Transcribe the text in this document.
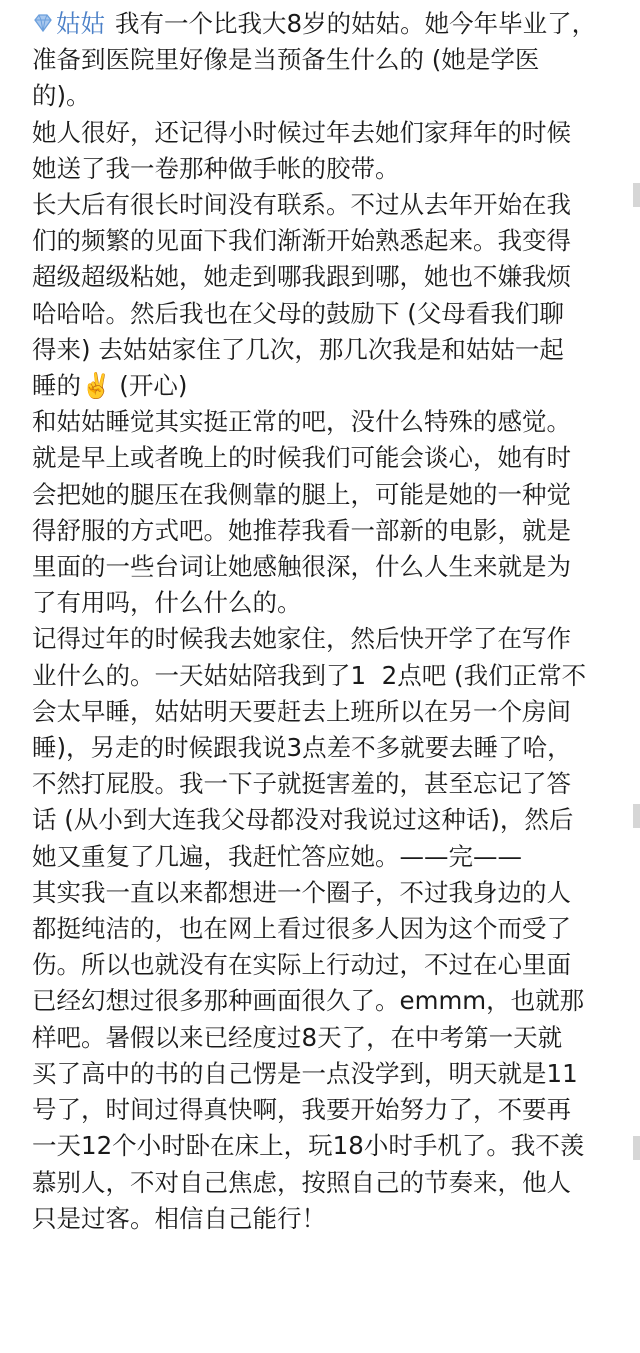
姑姑 我有一个比我大8岁的姑姑。她今年毕业了，
准备到医院里好像是当预备生什么的 (她是学医
的)。
她人很好，还记得小时候过年去她们家拜年的时候
她送了我一卷那种做手帐的胶带。
长大后有很长时间没有联系。不过从去年开始在我
们的频繁的见面下我们渐渐开始熟悉起来。我变得
超级超级粘她，她走到哪我跟到哪，她也不嫌我烦
哈哈哈。然后我也在父母的鼓励下 (父母看我们聊
得来) 去姑姑家住了几次，那几次我是和姑姑一起
睡的✌️ (开心)
和姑姑睡觉其实挺正常的吧，没什么特殊的感觉。
就是早上或者晚上的时候我们可能会谈心，她有时
会把她的腿压在我侧靠的腿上，可能是她的一种觉
得舒服的方式吧。她推荐我看一部新的电影，就是
里面的一些台词让她感触很深，什么人生来就是为
了有用吗，什么什么的。
记得过年的时候我去她家住，然后快开学了在写作
业什么的。一天姑姑陪我到了1  2点吧 (我们正常不
会太早睡，姑姑明天要赶去上班所以在另一个房间
睡)，另走的时候跟我说3点差不多就要去睡了哈，
不然打屁股。我一下子就挺害羞的，甚至忘记了答
话 (从小到大连我父母都没对我说过这种话)，然后
她又重复了几遍，我赶忙答应她。——完——
其实我一直以来都想进一个圈子，不过我身边的人
都挺纯洁的，也在网上看过很多人因为这个而受了
伤。所以也就没有在实际上行动过，不过在心里面
已经幻想过很多那种画面很久了。emmm，也就那
样吧。暑假以来已经度过8天了，在中考第一天就
买了高中的书的自己愣是一点没学到，明天就是11
号了，时间过得真快啊，我要开始努力了，不要再
一天12个小时卧在床上，玩18小时手机了。我不羡
慕别人，不对自己焦虑，按照自己的节奏来，他人
只是过客。相信自己能行！
